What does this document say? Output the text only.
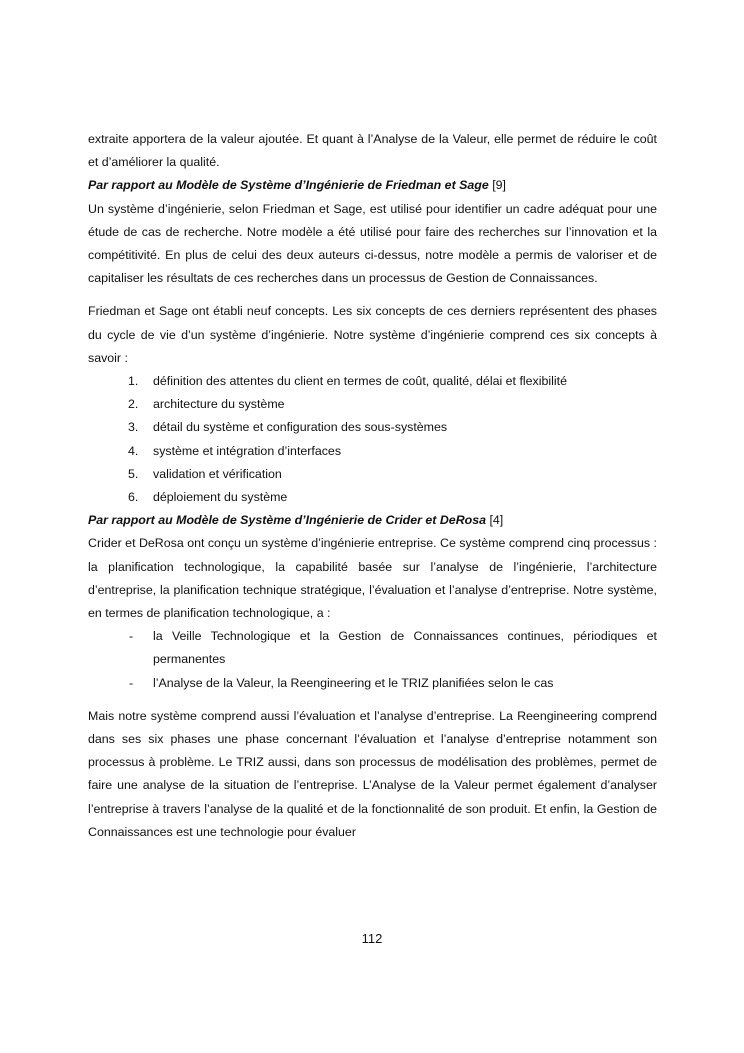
extraite apportera de la valeur ajoutée. Et quant à l’Analyse de la Valeur, elle permet de réduire le coût et d’améliorer la qualité.

Par rapport au Modèle de Système d’Ingénierie de Friedman et Sage [9]

Un système d’ingénierie, selon Friedman et Sage, est utilisé pour identifier un cadre adéquat pour une étude de cas de recherche. Notre modèle a été utilisé pour faire des recherches sur l’innovation et la compétitivité. En plus de celui des deux auteurs ci-dessus, notre modèle a permis de valoriser et de capitaliser les résultats de ces recherches dans un processus de Gestion de Connaissances.

Friedman et Sage ont établi neuf concepts. Les six concepts de ces derniers représentent des phases du cycle de vie d’un système d’ingénierie. Notre système d’ingénierie comprend ces six concepts à savoir :

1.	définition des attentes du client en termes de coût, qualité, délai et flexibilité
2.	architecture du système
3.	détail du système et configuration des sous-systèmes
4.	système et intégration d’interfaces
5.	validation et vérification
6.	déploiement du système

Par rapport au Modèle de Système d’Ingénierie de Crider et DeRosa [4]

Crider et DeRosa ont conçu un système d’ingénierie entreprise. Ce système comprend cinq processus : la planification technologique, la capabilité basée sur l’analyse de l’ingénierie, l’architecture d’entreprise, la planification technique stratégique, l’évaluation et l’analyse d’entreprise. Notre système, en termes de planification technologique, a :

-	la Veille Technologique et la Gestion de Connaissances continues, périodiques et permanentes
-	l’Analyse de la Valeur, la Reengineering et le TRIZ planifiées selon le cas

Mais notre système comprend aussi l’évaluation et l’analyse d’entreprise. La Reengineering comprend dans ses six phases une phase concernant l’évaluation et l’analyse d’entreprise notamment son processus à problème. Le TRIZ aussi, dans son processus de modélisation des problèmes, permet de faire une analyse de la situation de l’entreprise. L’Analyse de la Valeur permet également d’analyser l’entreprise à travers l’analyse de la qualité et de la fonctionnalité de son produit. Et enfin, la Gestion de Connaissances est une technologie pour évaluer

112
